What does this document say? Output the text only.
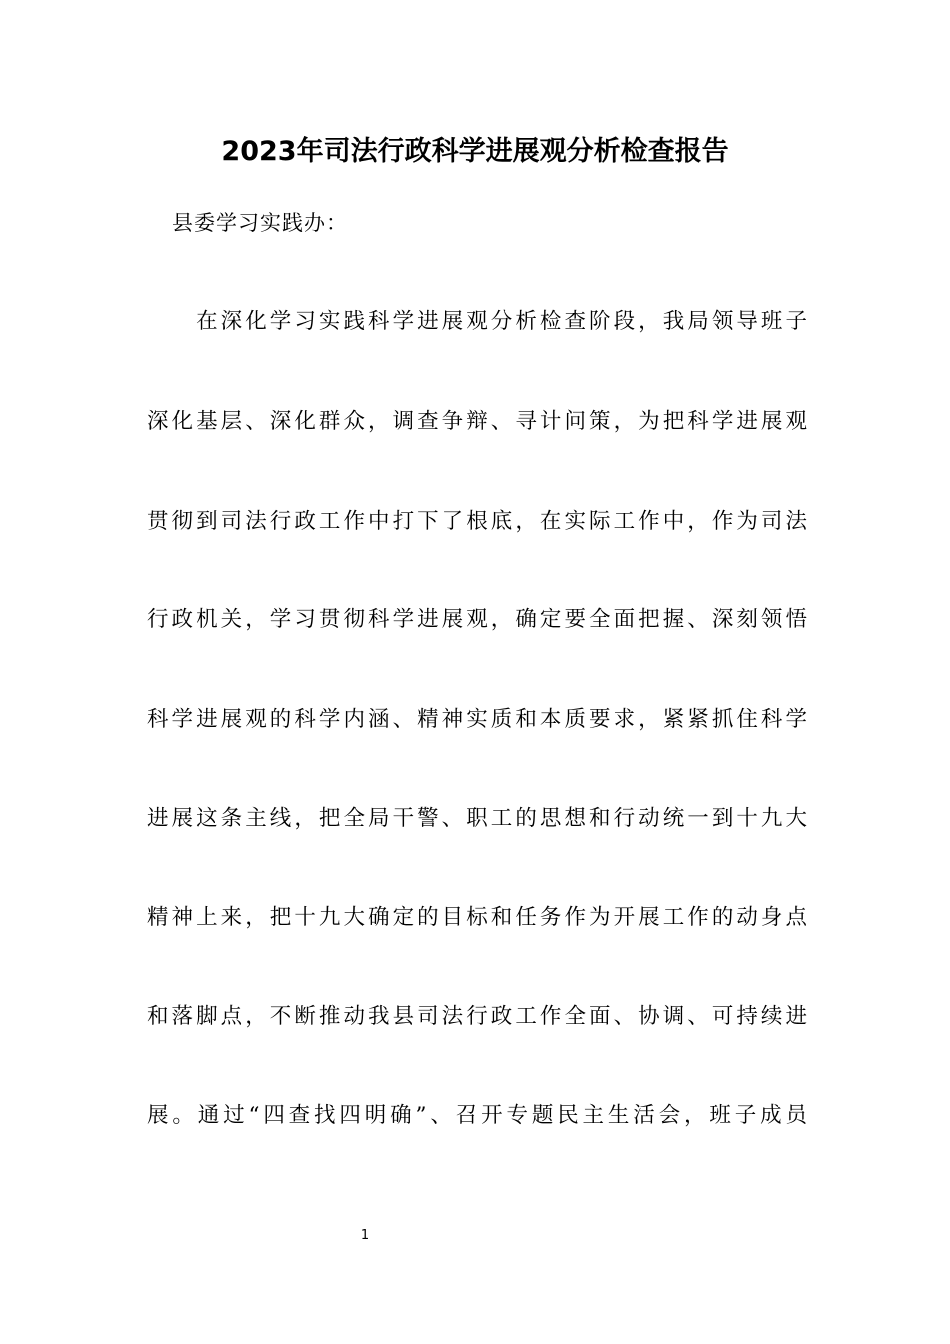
2023年司法行政科学进展观分析检查报告
县委学习实践办：
　　在深化学习实践科学进展观分析检查阶段，我局领导班子
深化基层、深化群众，调查争辩、寻计问策，为把科学进展观
贯彻到司法行政工作中打下了根底，在实际工作中，作为司法
行政机关，学习贯彻科学进展观，确定要全面把握、深刻领悟
科学进展观的科学内涵、精神实质和本质要求，紧紧抓住科学
进展这条主线，把全局干警、职工的思想和行动统一到十九大
精神上来，把十九大确定的目标和任务作为开展工作的动身点
和落脚点，不断推动我县司法行政工作全面、协调、可持续进
展。通过“四查找四明确”、召开专题民主生活会，班子成员
1
